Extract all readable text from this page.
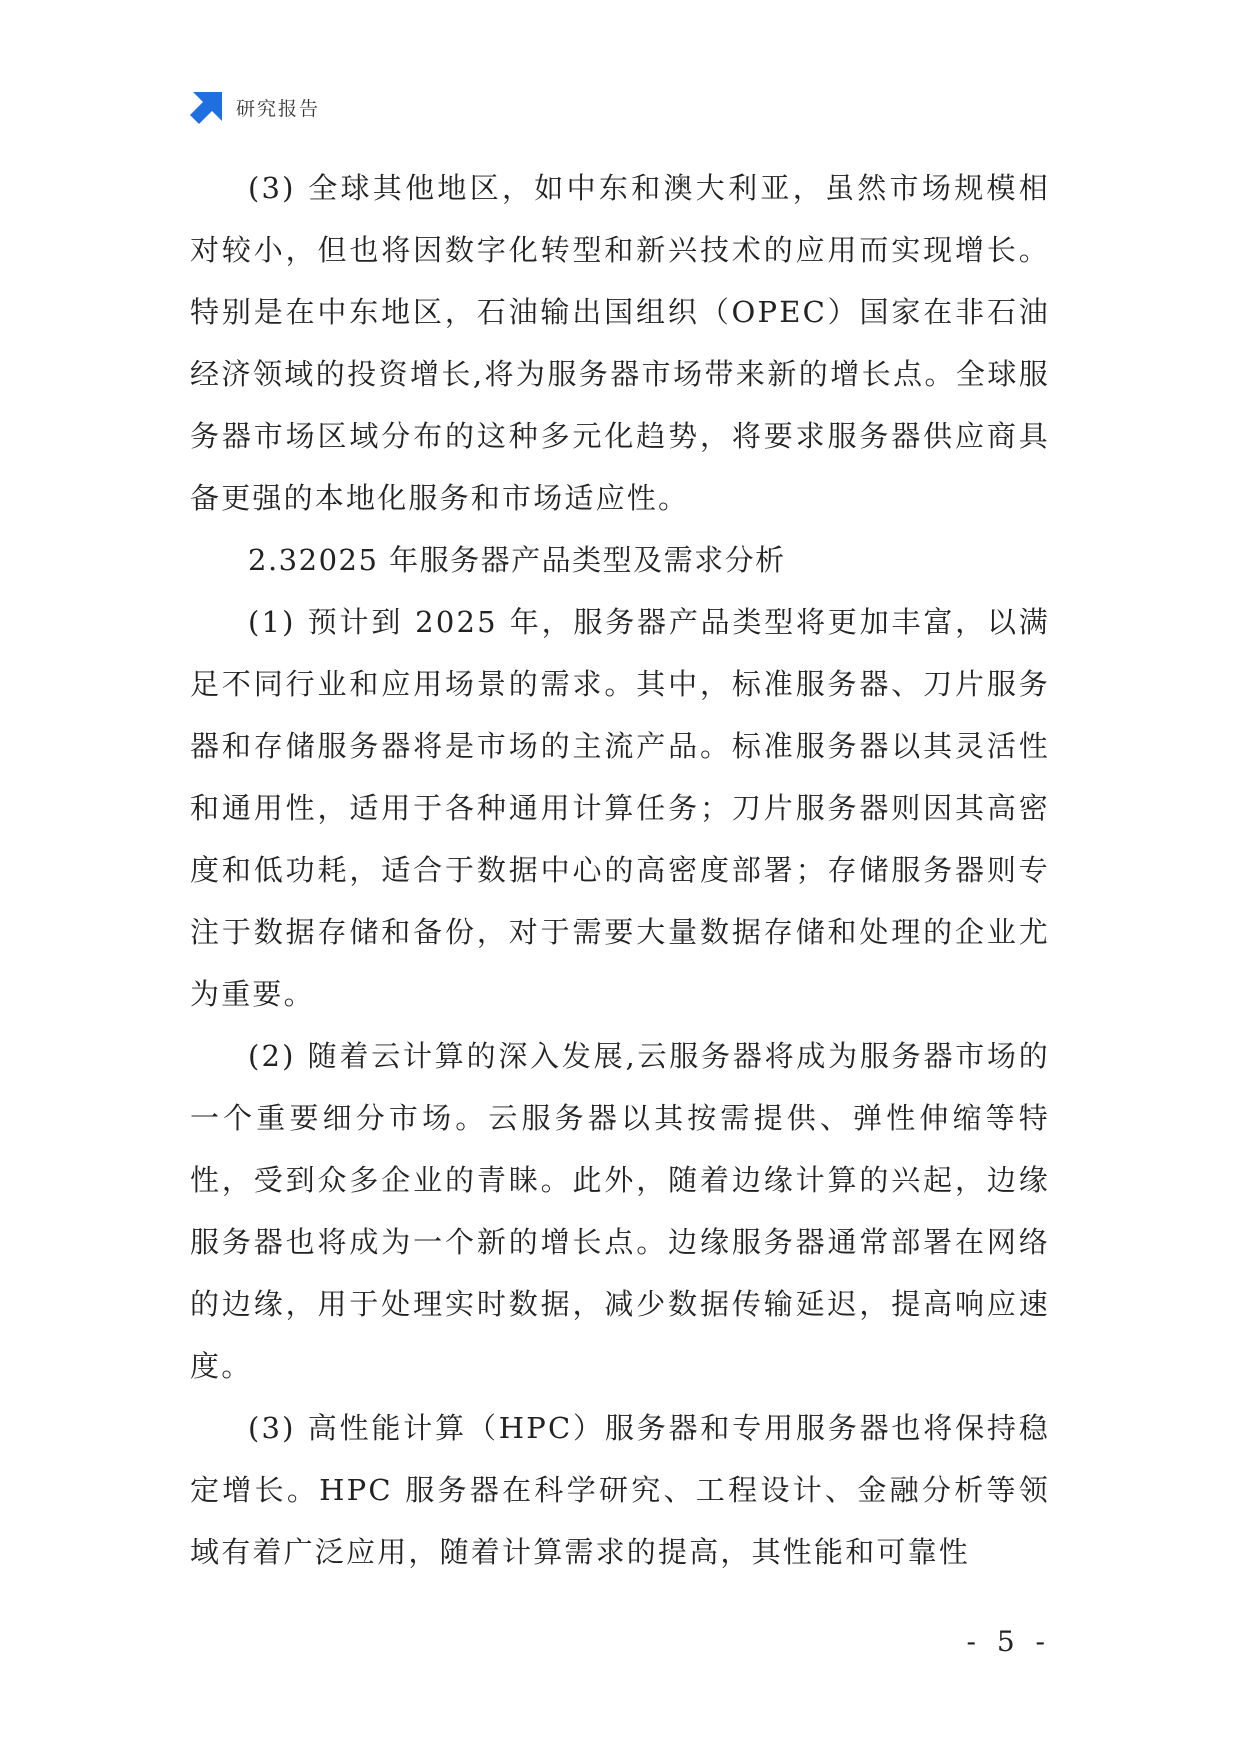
研究报告

(3) 全球其他地区，如中东和澳大利亚，虽然市场规模相对较小，但也将因数字化转型和新兴技术的应用而实现增长。特别是在中东地区，石油输出国组织（OPEC）国家在非石油经济领域的投资增长,将为服务器市场带来新的增长点。全球服务器市场区域分布的这种多元化趋势，将要求服务器供应商具备更强的本地化服务和市场适应性。

2.32025 年服务器产品类型及需求分析

(1) 预计到 2025 年，服务器产品类型将更加丰富，以满足不同行业和应用场景的需求。其中，标准服务器、刀片服务器和存储服务器将是市场的主流产品。标准服务器以其灵活性和通用性，适用于各种通用计算任务；刀片服务器则因其高密度和低功耗，适合于数据中心的高密度部署；存储服务器则专注于数据存储和备份，对于需要大量数据存储和处理的企业尤为重要。

(2) 随着云计算的深入发展,云服务器将成为服务器市场的一个重要细分市场。云服务器以其按需提供、弹性伸缩等特性，受到众多企业的青睐。此外，随着边缘计算的兴起，边缘服务器也将成为一个新的增长点。边缘服务器通常部署在网络的边缘，用于处理实时数据，减少数据传输延迟，提高响应速度。

(3) 高性能计算（HPC）服务器和专用服务器也将保持稳定增长。HPC 服务器在科学研究、工程设计、金融分析等领域有着广泛应用，随着计算需求的提高，其性能和可靠性

- 5 -
